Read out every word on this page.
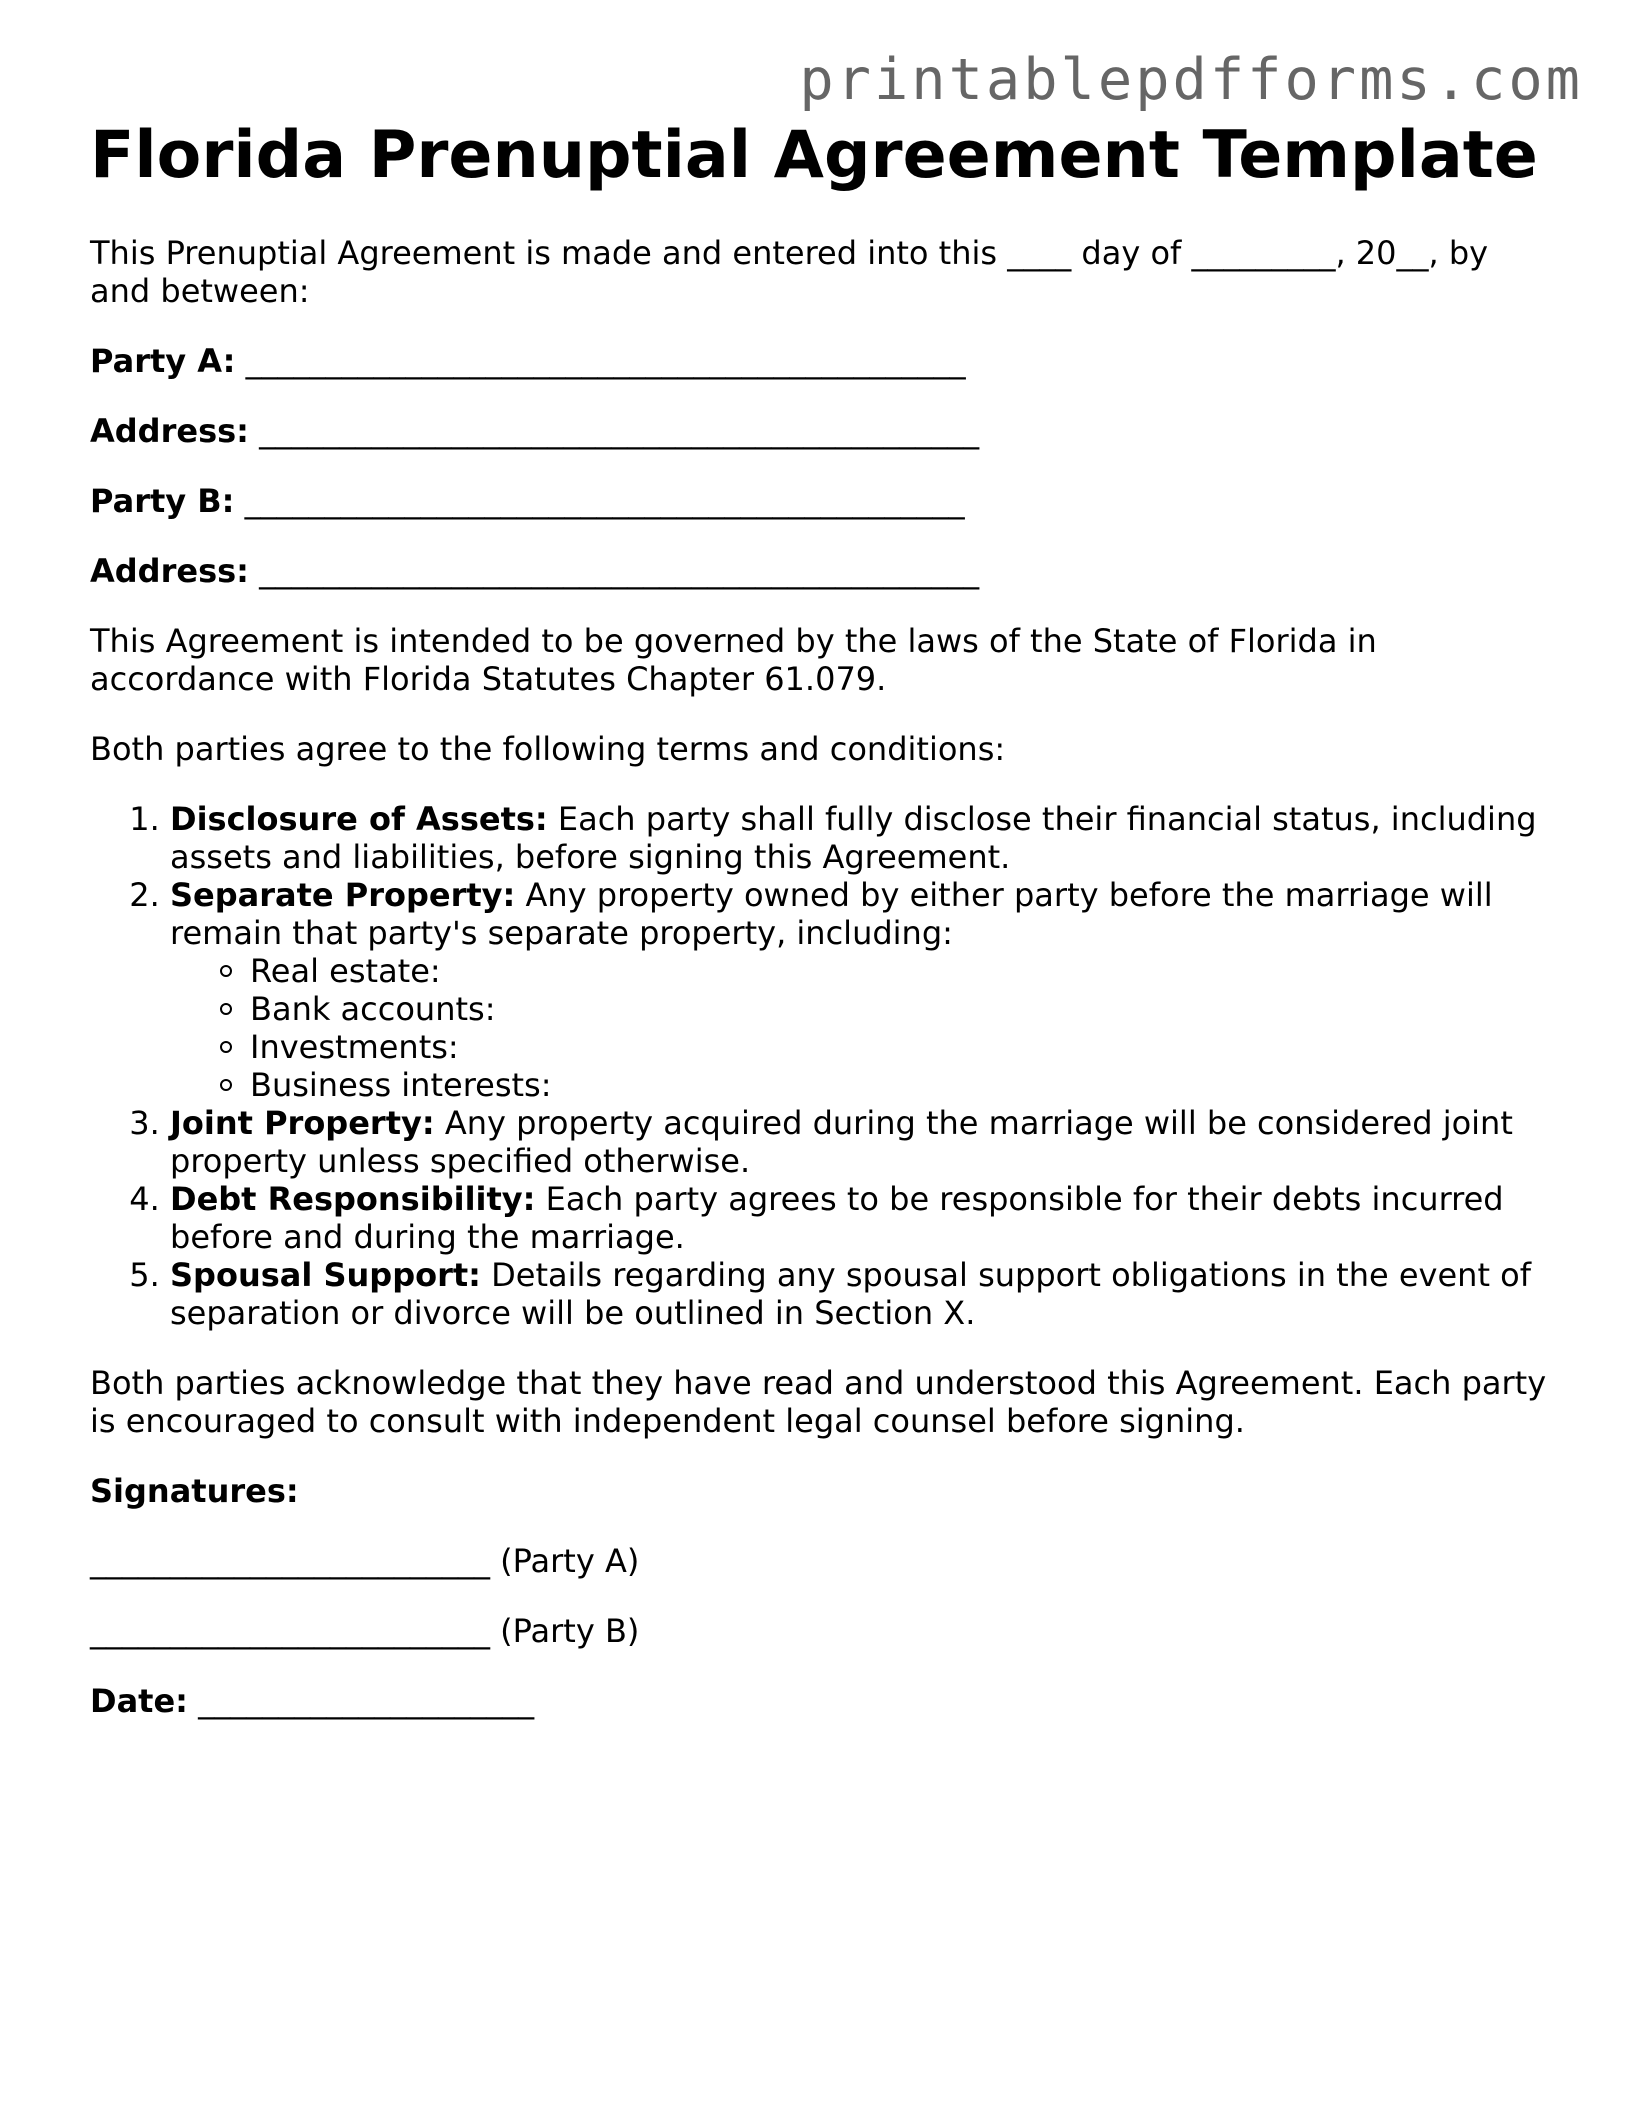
printablepdfforms.com
Florida Prenuptial Agreement Template

This Prenuptial Agreement is made and entered into this ____ day of _________, 20__, by and between:

Party A: _____________________________________________

Address: _____________________________________________

Party B: _____________________________________________

Address: _____________________________________________

This Agreement is intended to be governed by the laws of the State of Florida in accordance with Florida Statutes Chapter 61.079.

Both parties agree to the following terms and conditions:

1. Disclosure of Assets: Each party shall fully disclose their financial status, including assets and liabilities, before signing this Agreement.
2. Separate Property: Any property owned by either party before the marriage will remain that party's separate property, including:
Real estate:
Bank accounts:
Investments:
Business interests:
3. Joint Property: Any property acquired during the marriage will be considered joint property unless specified otherwise.
4. Debt Responsibility: Each party agrees to be responsible for their debts incurred before and during the marriage.
5. Spousal Support: Details regarding any spousal support obligations in the event of separation or divorce will be outlined in Section X.

Both parties acknowledge that they have read and understood this Agreement. Each party is encouraged to consult with independent legal counsel before signing.

Signatures:

_________________________ (Party A)

_________________________ (Party B)

Date: _____________________
